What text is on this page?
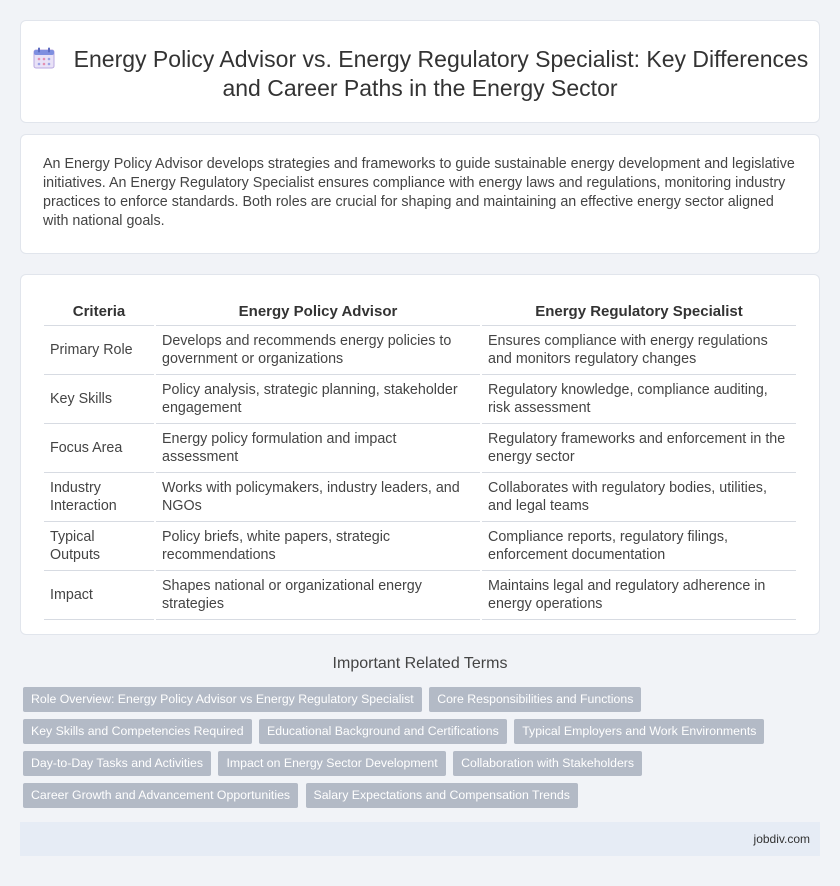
Energy Policy Advisor vs. Energy Regulatory Specialist: Key Differences and Career Paths in the Energy Sector

An Energy Policy Advisor develops strategies and frameworks to guide sustainable energy development and legislative initiatives. An Energy Regulatory Specialist ensures compliance with energy laws and regulations, monitoring industry practices to enforce standards. Both roles are crucial for shaping and maintaining an effective energy sector aligned with national goals.

Criteria	Energy Policy Advisor	Energy Regulatory Specialist
Primary Role	Develops and recommends energy policies to government or organizations	Ensures compliance with energy regulations and monitors regulatory changes
Key Skills	Policy analysis, strategic planning, stakeholder engagement	Regulatory knowledge, compliance auditing, risk assessment
Focus Area	Energy policy formulation and impact assessment	Regulatory frameworks and enforcement in the energy sector
Industry Interaction	Works with policymakers, industry leaders, and NGOs	Collaborates with regulatory bodies, utilities, and legal teams
Typical Outputs	Policy briefs, white papers, strategic recommendations	Compliance reports, regulatory filings, enforcement documentation
Impact	Shapes national or organizational energy strategies	Maintains legal and regulatory adherence in energy operations
Important Related Terms
Role Overview: Energy Policy Advisor vs Energy Regulatory Specialist Core Responsibilities and Functions
Key Skills and Competencies Required Educational Background and Certifications Typical Employers and Work Environments
Day-to-Day Tasks and Activities Impact on Energy Sector Development Collaboration with Stakeholders
Career Growth and Advancement Opportunities Salary Expectations and Compensation Trends
jobdiv.com
